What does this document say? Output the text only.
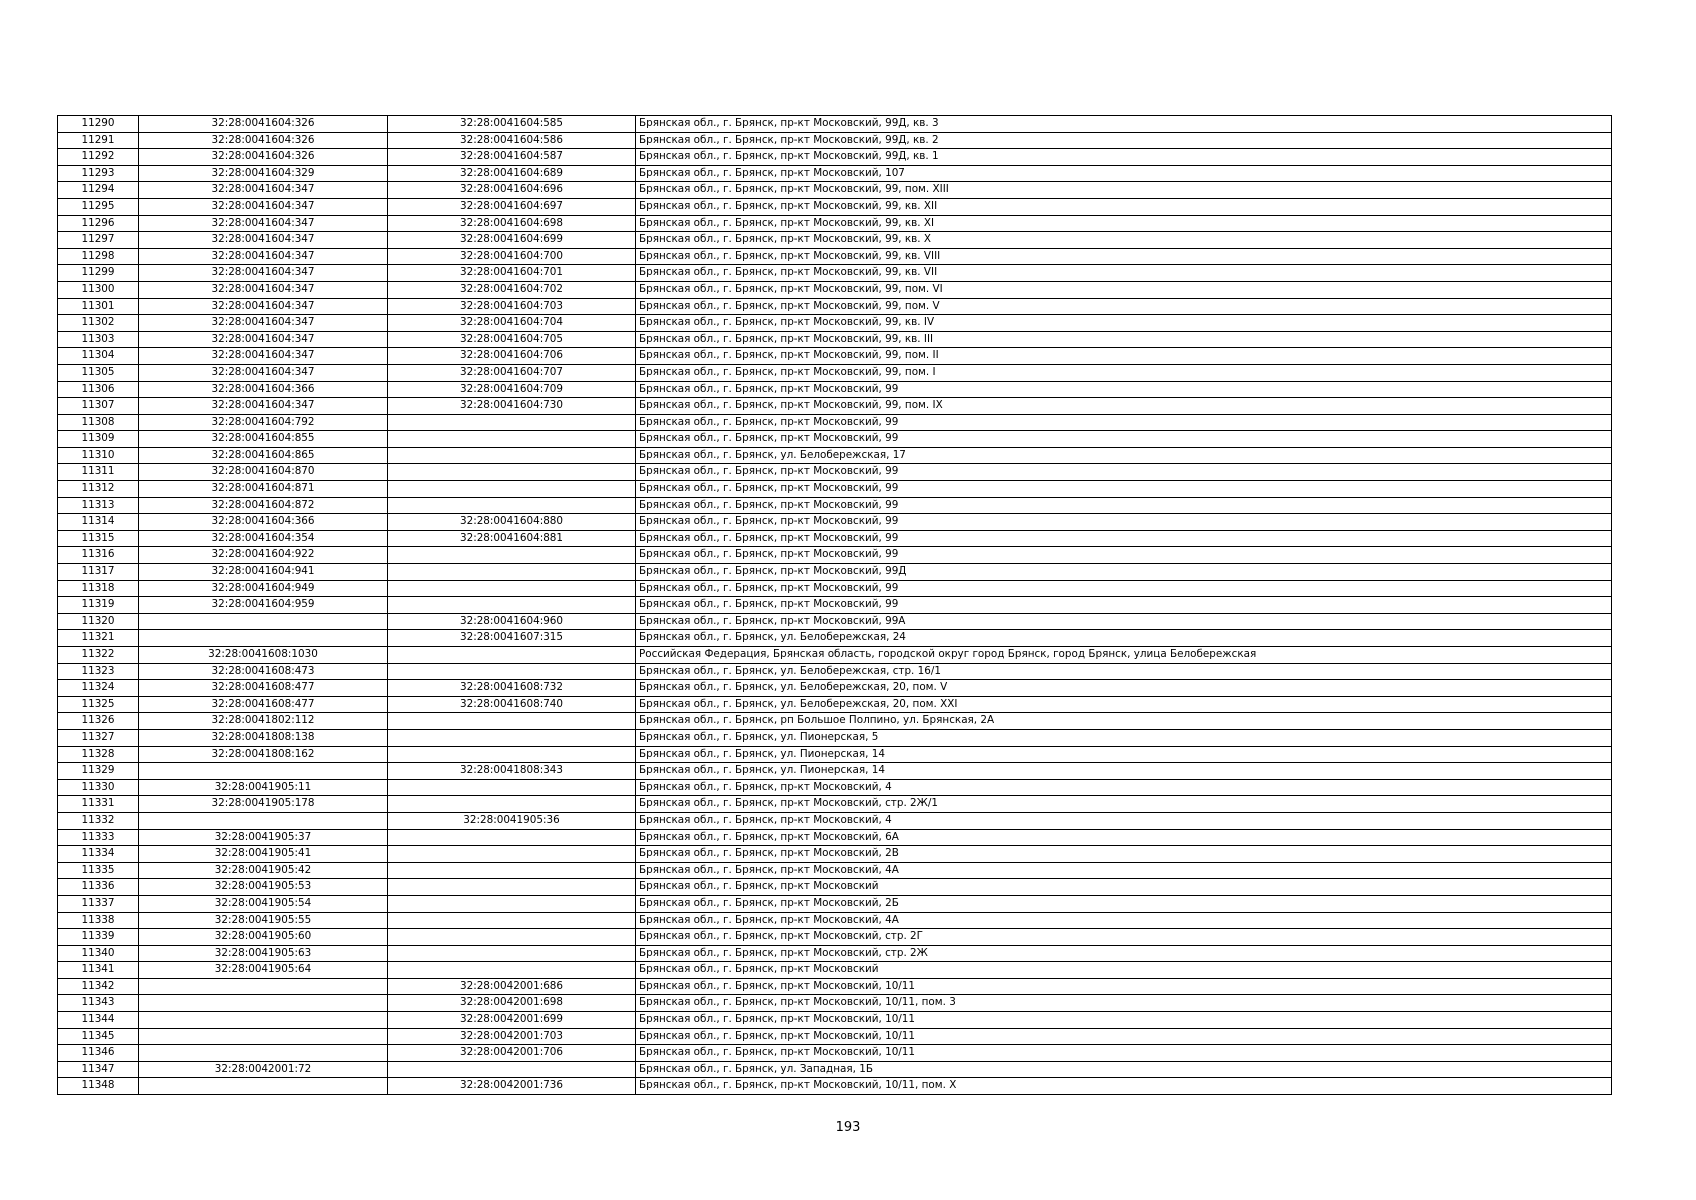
11290	32:28:0041604:326	32:28:0041604:585	Брянская обл., г. Брянск, пр-кт Московский, 99Д, кв. 3
11291	32:28:0041604:326	32:28:0041604:586	Брянская обл., г. Брянск, пр-кт Московский, 99Д, кв. 2
11292	32:28:0041604:326	32:28:0041604:587	Брянская обл., г. Брянск, пр-кт Московский, 99Д, кв. 1
11293	32:28:0041604:329	32:28:0041604:689	Брянская обл., г. Брянск, пр-кт Московский, 107
11294	32:28:0041604:347	32:28:0041604:696	Брянская обл., г. Брянск, пр-кт Московский, 99, пом. XIII
11295	32:28:0041604:347	32:28:0041604:697	Брянская обл., г. Брянск, пр-кт Московский, 99, кв. XII
11296	32:28:0041604:347	32:28:0041604:698	Брянская обл., г. Брянск, пр-кт Московский, 99, кв. XI
11297	32:28:0041604:347	32:28:0041604:699	Брянская обл., г. Брянск, пр-кт Московский, 99, кв. X
11298	32:28:0041604:347	32:28:0041604:700	Брянская обл., г. Брянск, пр-кт Московский, 99, кв. VIII
11299	32:28:0041604:347	32:28:0041604:701	Брянская обл., г. Брянск, пр-кт Московский, 99, кв. VII
11300	32:28:0041604:347	32:28:0041604:702	Брянская обл., г. Брянск, пр-кт Московский, 99, пом. VI
11301	32:28:0041604:347	32:28:0041604:703	Брянская обл., г. Брянск, пр-кт Московский, 99, пом. V
11302	32:28:0041604:347	32:28:0041604:704	Брянская обл., г. Брянск, пр-кт Московский, 99, кв. IV
11303	32:28:0041604:347	32:28:0041604:705	Брянская обл., г. Брянск, пр-кт Московский, 99, кв. III
11304	32:28:0041604:347	32:28:0041604:706	Брянская обл., г. Брянск, пр-кт Московский, 99, пом. II
11305	32:28:0041604:347	32:28:0041604:707	Брянская обл., г. Брянск, пр-кт Московский, 99, пом. I
11306	32:28:0041604:366	32:28:0041604:709	Брянская обл., г. Брянск, пр-кт Московский, 99
11307	32:28:0041604:347	32:28:0041604:730	Брянская обл., г. Брянск, пр-кт Московский, 99, пом. IX
11308	32:28:0041604:792		Брянская обл., г. Брянск, пр-кт Московский, 99
11309	32:28:0041604:855		Брянская обл., г. Брянск, пр-кт Московский, 99
11310	32:28:0041604:865		Брянская обл., г. Брянск, ул. Белобережская, 17
11311	32:28:0041604:870		Брянская обл., г. Брянск, пр-кт Московский, 99
11312	32:28:0041604:871		Брянская обл., г. Брянск, пр-кт Московский, 99
11313	32:28:0041604:872		Брянская обл., г. Брянск, пр-кт Московский, 99
11314	32:28:0041604:366	32:28:0041604:880	Брянская обл., г. Брянск, пр-кт Московский, 99
11315	32:28:0041604:354	32:28:0041604:881	Брянская обл., г. Брянск, пр-кт Московский, 99
11316	32:28:0041604:922		Брянская обл., г. Брянск, пр-кт Московский, 99
11317	32:28:0041604:941		Брянская обл., г. Брянск, пр-кт Московский, 99Д
11318	32:28:0041604:949		Брянская обл., г. Брянск, пр-кт Московский, 99
11319	32:28:0041604:959		Брянская обл., г. Брянск, пр-кт Московский, 99
11320		32:28:0041604:960	Брянская обл., г. Брянск, пр-кт Московский, 99А
11321		32:28:0041607:315	Брянская обл., г. Брянск, ул. Белобережская, 24
11322	32:28:0041608:1030		Российская Федерация, Брянская область, городской округ город Брянск, город Брянск, улица Белобережская
11323	32:28:0041608:473		Брянская обл., г. Брянск, ул. Белобережская, стр. 16/1
11324	32:28:0041608:477	32:28:0041608:732	Брянская обл., г. Брянск, ул. Белобережская, 20, пом. V
11325	32:28:0041608:477	32:28:0041608:740	Брянская обл., г. Брянск, ул. Белобережская, 20, пом. XXI
11326	32:28:0041802:112		Брянская обл., г. Брянск, рп Большое Полпино, ул. Брянская, 2А
11327	32:28:0041808:138		Брянская обл., г. Брянск, ул. Пионерская, 5
11328	32:28:0041808:162		Брянская обл., г. Брянск, ул. Пионерская, 14
11329		32:28:0041808:343	Брянская обл., г. Брянск, ул. Пионерская, 14
11330	32:28:0041905:11		Брянская обл., г. Брянск, пр-кт Московский, 4
11331	32:28:0041905:178		Брянская обл., г. Брянск, пр-кт Московский, стр. 2Ж/1
11332		32:28:0041905:36	Брянская обл., г. Брянск, пр-кт Московский, 4
11333	32:28:0041905:37		Брянская обл., г. Брянск, пр-кт Московский, 6А
11334	32:28:0041905:41		Брянская обл., г. Брянск, пр-кт Московский, 2В
11335	32:28:0041905:42		Брянская обл., г. Брянск, пр-кт Московский, 4А
11336	32:28:0041905:53		Брянская обл., г. Брянск, пр-кт Московский
11337	32:28:0041905:54		Брянская обл., г. Брянск, пр-кт Московский, 2Б
11338	32:28:0041905:55		Брянская обл., г. Брянск, пр-кт Московский, 4А
11339	32:28:0041905:60		Брянская обл., г. Брянск, пр-кт Московский, стр. 2Г
11340	32:28:0041905:63		Брянская обл., г. Брянск, пр-кт Московский, стр. 2Ж
11341	32:28:0041905:64		Брянская обл., г. Брянск, пр-кт Московский
11342		32:28:0042001:686	Брянская обл., г. Брянск, пр-кт Московский, 10/11
11343		32:28:0042001:698	Брянская обл., г. Брянск, пр-кт Московский, 10/11, пом. 3
11344		32:28:0042001:699	Брянская обл., г. Брянск, пр-кт Московский, 10/11
11345		32:28:0042001:703	Брянская обл., г. Брянск, пр-кт Московский, 10/11
11346		32:28:0042001:706	Брянская обл., г. Брянск, пр-кт Московский, 10/11
11347	32:28:0042001:72		Брянская обл., г. Брянск, ул. Западная, 1Б
11348		32:28:0042001:736	Брянская обл., г. Брянск, пр-кт Московский, 10/11, пом. X
193
